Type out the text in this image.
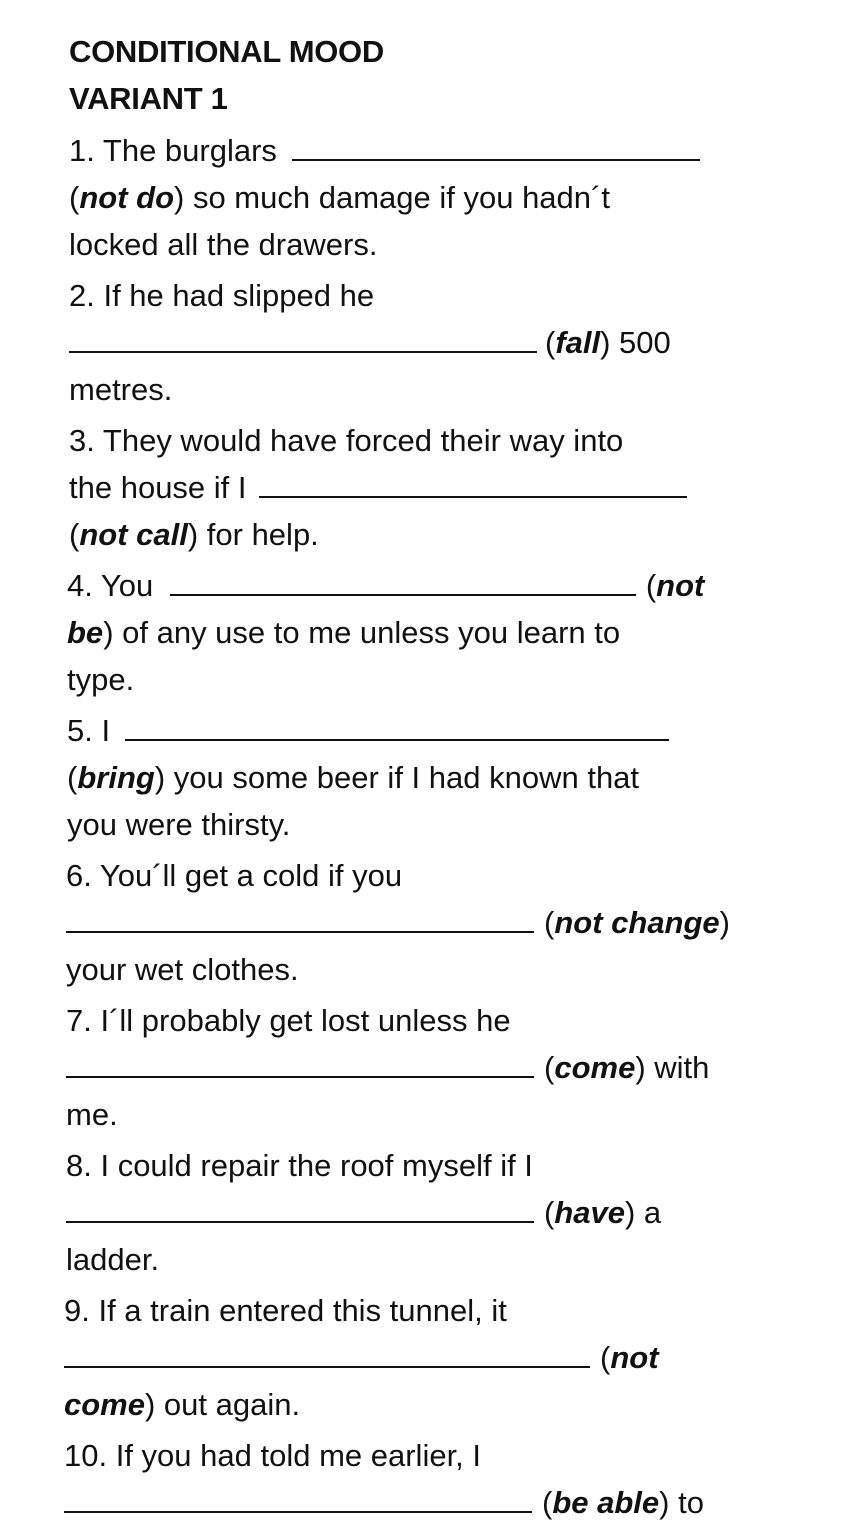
CONDITIONAL MOOD
VARIANT 1
1. The burglars
(not do) so much damage if you hadn´t
locked all the drawers.
2. If he had slipped he
(fall) 500
metres.
3. They would have forced their way into
the house if I
(not call) for help.
4. You	(not
be) of any use to me unless you learn to
type.
5. I
(bring) you some beer if I had known that
you were thirsty.
6. You´ll get a cold if you
(not change)
your wet clothes.
7. I´ll probably get lost unless he
(come) with
me.
8. I could repair the roof myself if I
(have) a
ladder.
9. If a train entered this tunnel, it
(not
come) out again.
10. If you had told me earlier, I
(be able) to
